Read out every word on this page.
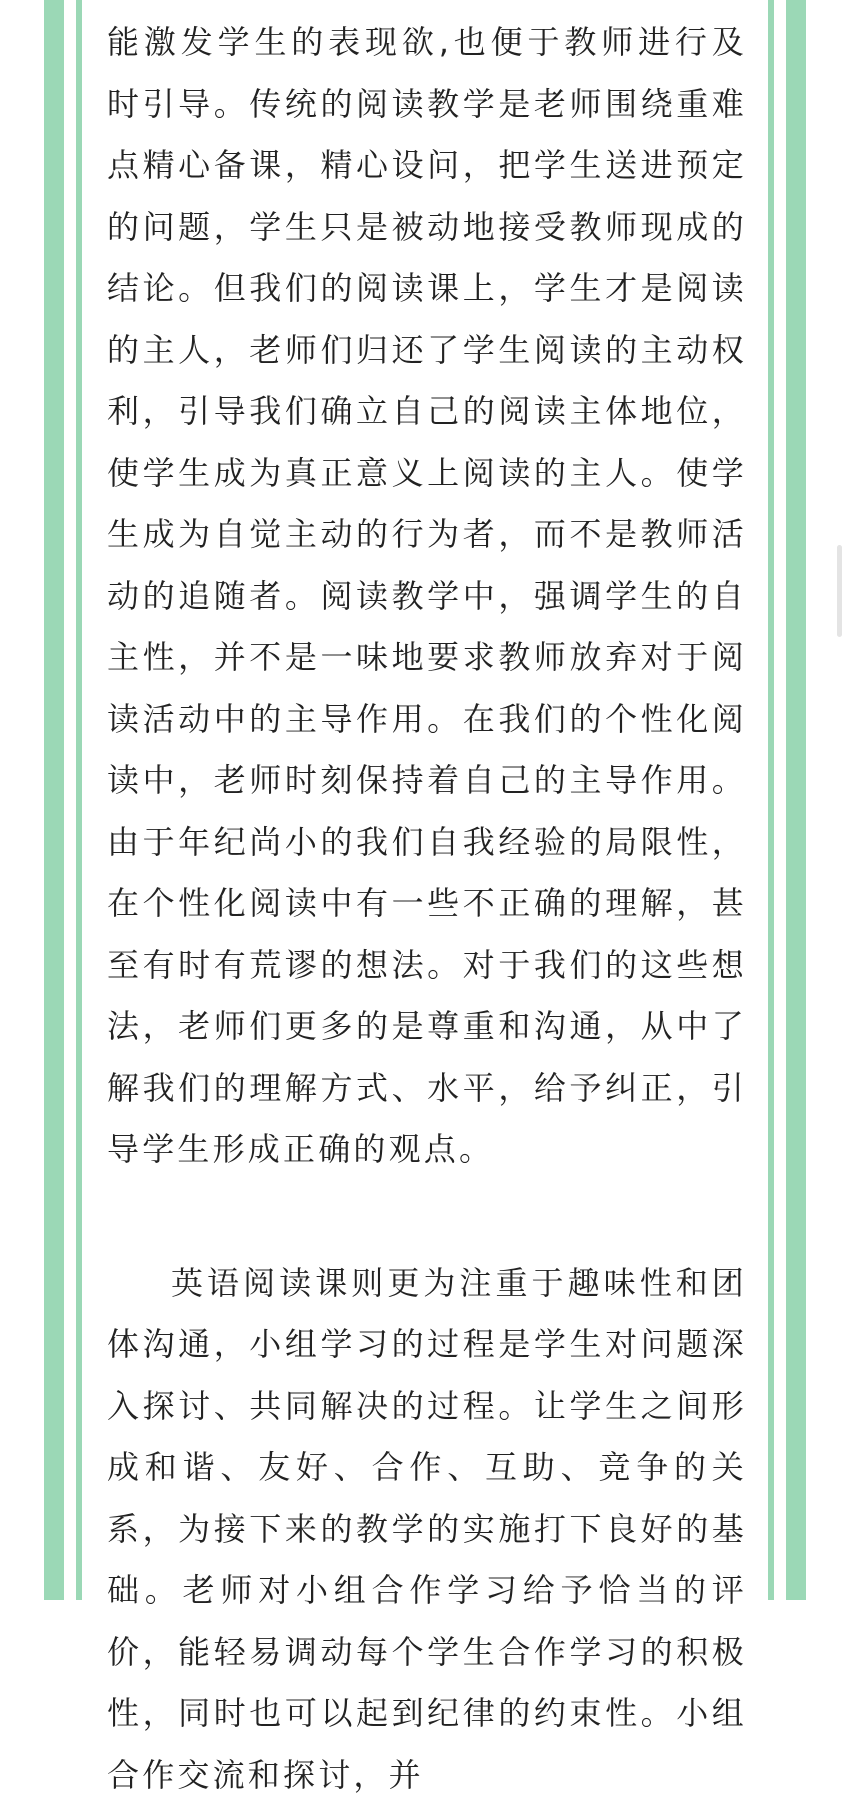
能激发学生的表现欲,也便于教师进行及时引导。传统的阅读教学是老师围绕重难点精心备课，精心设问，把学生送进预定的问题，学生只是被动地接受教师现成的结论。但我们的阅读课上，学生才是阅读的主人，老师们归还了学生阅读的主动权利，引导我们确立自己的阅读主体地位，使学生成为真正意义上阅读的主人。使学生成为自觉主动的行为者，而不是教师活动的追随者。阅读教学中，强调学生的自主性，并不是一味地要求教师放弃对于阅读活动中的主导作用。在我们的个性化阅读中，老师时刻保持着自己的主导作用。由于年纪尚小的我们自我经验的局限性，在个性化阅读中有一些不正确的理解，甚至有时有荒谬的想法。对于我们的这些想法，老师们更多的是尊重和沟通，从中了解我们的理解方式、水平，给予纠正，引导学生形成正确的观点。

英语阅读课则更为注重于趣味性和团体沟通，小组学习的过程是学生对问题深入探讨、共同解决的过程。让学生之间形成和谐、友好、合作、互助、竞争的关系，为接下来的教学的实施打下良好的基础。老师对小组合作学习给予恰当的评价，能轻易调动每个学生合作学习的积极性，同时也可以起到纪律的约束性。小组合作交流和探讨，并
